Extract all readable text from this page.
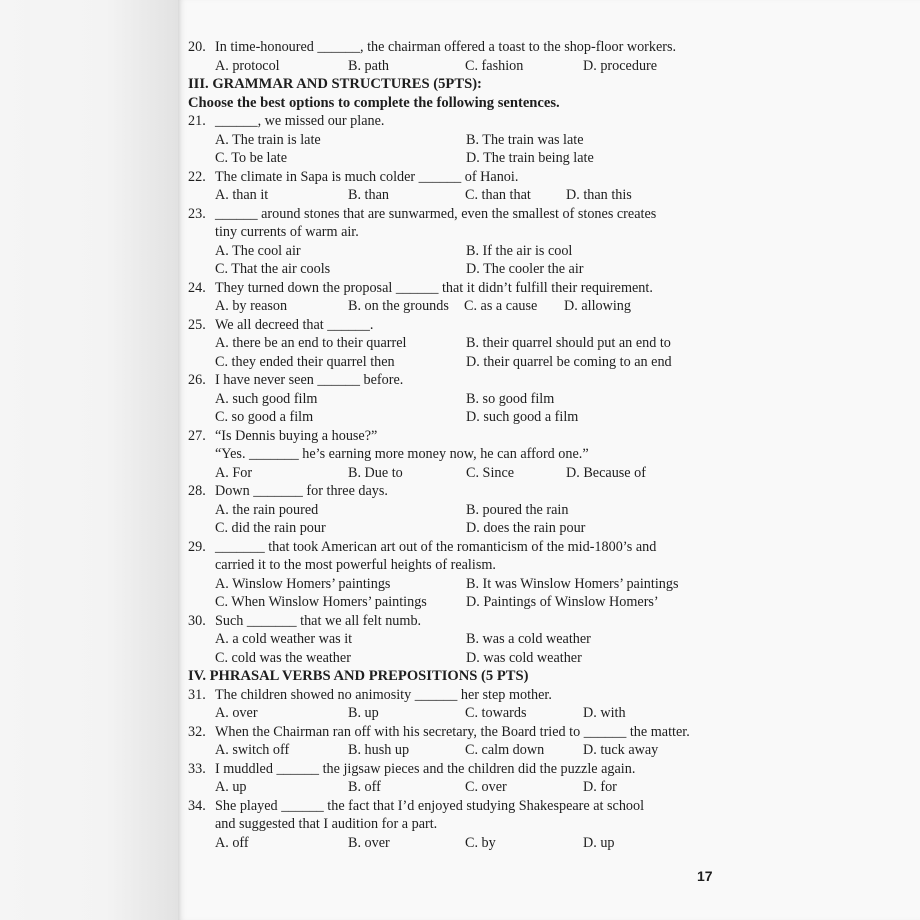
20. In time-honoured ______, the chairman offered a toast to the shop-floor workers.
A. protocol	B. path	C. fashion	D. procedure
III. GRAMMAR AND STRUCTURES (5PTS):
Choose the best options to complete the following sentences.
21. ______, we missed our plane.
A. The train is late	B. The train was late
C. To be late	D. The train being late
22. The climate in Sapa is much colder ______ of Hanoi.
A. than it	B. than	C. than that D. than this
23. ______ around stones that are sunwarmed, even the smallest of stones creates
tiny currents of warm air.
A. The cool air	B. If the air is cool
C. That the air cools	D. The cooler the air
24. They turned down the proposal ______ that it didn’t fulfill their requirement.
A. by reason	B. on the grounds C. as a cause D. allowing
25. We all decreed that ______.
A. there be an end to their quarrel	B. their quarrel should put an end to
C. they ended their quarrel then	D. their quarrel be coming to an end
26. I have never seen ______ before.
A. such good film	B. so good film
C. so good a film	D. such good a film
27. “Is Dennis buying a house?”
“Yes. _______ he’s earning more money now, he can afford one.”
A. For	B. Due to	C. Since	D. Because of
28. Down _______ for three days.
A. the rain poured	B. poured the rain
C. did the rain pour	D. does the rain pour
29. _______ that took American art out of the romanticism of the mid-1800’s and
carried it to the most powerful heights of realism.
A. Winslow Homers’ paintings	B. It was Winslow Homers’ paintings
C. When Winslow Homers’ paintings	D. Paintings of Winslow Homers’
30. Such _______ that we all felt numb.
A. a cold weather was it	B. was a cold weather
C. cold was the weather	D. was cold weather
IV. PHRASAL VERBS AND PREPOSITIONS (5 PTS)
31. The children showed no animosity ______ her step mother.
A. over	B. up	C. towards	D. with
32. When the Chairman ran off with his secretary, the Board tried to ______ the matter.
A. switch off	B. hush up	C. calm down	D. tuck away
33. I muddled ______ the jigsaw pieces and the children did the puzzle again.
A. up	B. off	C. over	D. for
34. She played ______ the fact that I’d enjoyed studying Shakespeare at school
and suggested that I audition for a part.
A. off	B. over	C. by	D. up
17
